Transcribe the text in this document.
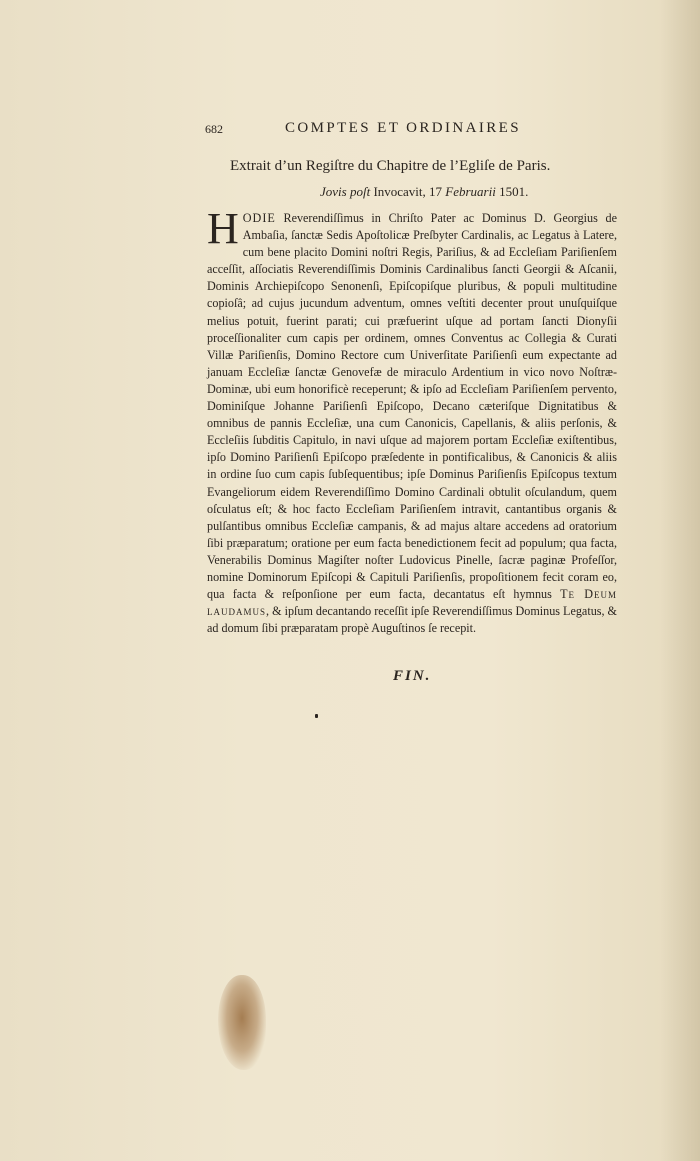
682	COMPTES ET ORDINAIRES
Extrait d’un Regiſtre du Chapitre de l’Egliſe de Paris.
Jovis poſt Invocavit, 17 Februarii 1501.
HODIE Reverendiſſimus in Chriſto Pater ac Dominus D. Georgius de Ambaſia, ſanctæ Sedis Apoſtolicæ Preſbyter Cardinalis, ac Legatus à Latere, cum bene placito Domini noſtri Regis, Pariſius, & ad Eccleſiam Pariſienſem acceſſit, aſſociatis Reverendiſſimis Dominis Cardinalibus ſancti Georgii & Aſcanii, Dominis Archiepiſcopo Senonenſi, Epiſcopiſque pluribus, & populi multitudine copioſâ; ad cujus jucundum adventum, omnes veſtiti decenter prout unuſquiſque melius potuit, fuerint parati; cui præfuerint uſque ad portam ſancti Dionyſii proceſſionaliter cum capis per ordinem, omnes Conventus ac Collegia & Curati Villæ Pariſienſis, Domino Rectore cum Univerſitate Pariſienſi eum expectante ad januam Eccleſiæ ſanctæ Genovefæ de miraculo Ardentium in vico novo Noſtræ-Dominæ, ubi eum honorificè receperunt; & ipſo ad Eccleſiam Pariſienſem pervento, Dominiſque Johanne Pariſienſi Epiſcopo, Decano cæteriſque Dignitatibus & omnibus de pannis Eccleſiæ, una cum Canonicis, Capellanis, & aliis perſonis, & Eccleſiis ſubditis Capitulo, in navi uſque ad majorem portam Eccleſiæ exiſtentibus, ipſo Domino Pariſienſi Epiſcopo præſedente in pontificalibus, & Canonicis & aliis in ordine ſuo cum capis ſubſequentibus; ipſe Dominus Pariſienſis Epiſcopus textum Evangeliorum eidem Reverendiſſimo Domino Cardinali obtulit oſculandum, quem oſculatus eſt; & hoc facto Eccleſiam Pariſienſem intravit, cantantibus organis & pulſantibus omnibus Eccleſiæ campanis, & ad majus altare accedens ad oratorium ſibi præparatum; oratione per eum facta benedictionem fecit ad populum; qua facta, Venerabilis Dominus Magiſter noſter Ludovicus Pinelle, ſacræ paginæ Profeſſor, nomine Dominorum Epiſcopi & Capituli Pariſienſis, propoſitionem fecit coram eo, qua facta & reſponſione per eum facta, decantatus eſt hymnus Te Deum laudamus, & ipſum decantando receſſit ipſe Reverendiſſimus Dominus Legatus, & ad domum ſibi præparatam propè Auguſtinos ſe recepit.
FIN.
